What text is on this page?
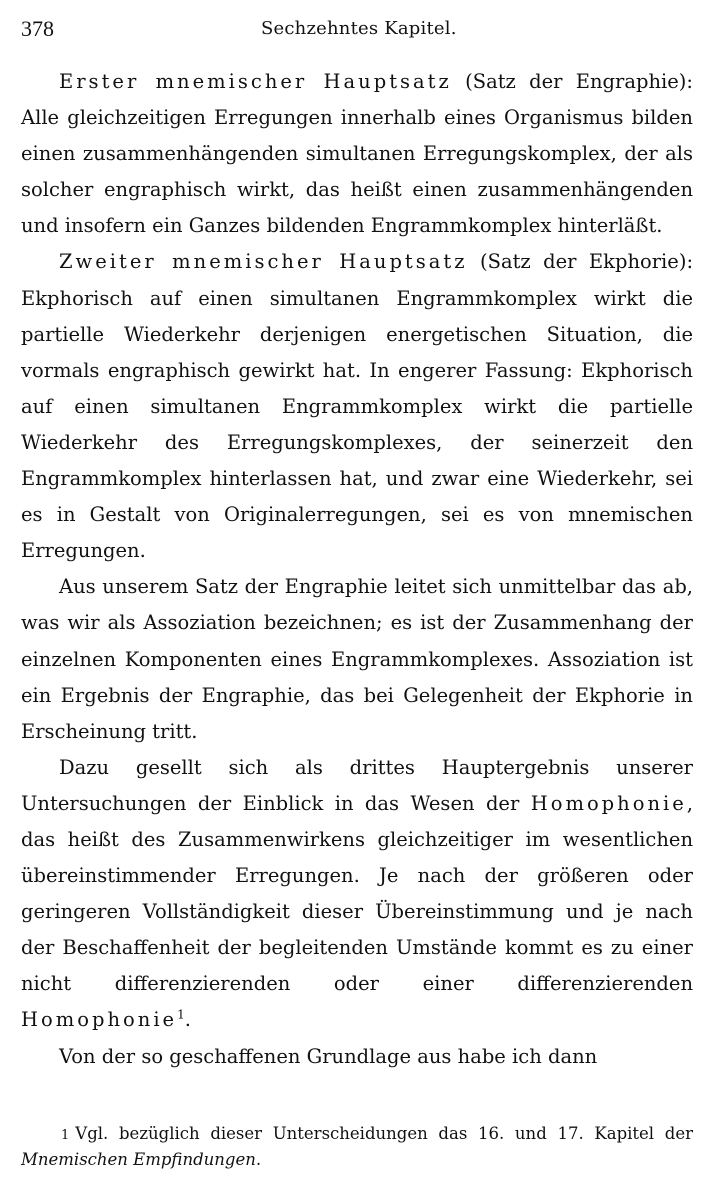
378	Sechzehntes Kapitel.

Erster mnemischer Hauptsatz (Satz der Engraphie): Alle gleichzeitigen Erregungen innerhalb eines Organismus bilden einen zusammenhängenden simultanen Erregungskomplex, der als solcher engraphisch wirkt, das heißt einen zusammenhängenden und insofern ein Ganzes bildenden Engrammkomplex hinterläßt.

Zweiter mnemischer Hauptsatz (Satz der Ekphorie): Ekphorisch auf einen simultanen Engrammkomplex wirkt die partielle Wiederkehr derjenigen energetischen Situation, die vormals engraphisch gewirkt hat. In engerer Fassung: Ekphorisch auf einen simultanen Engrammkomplex wirkt die partielle Wiederkehr des Erregungskomplexes, der seinerzeit den Engrammkomplex hinterlassen hat, und zwar eine Wiederkehr, sei es in Gestalt von Originalerregungen, sei es von mnemischen Erregungen.

Aus unserem Satz der Engraphie leitet sich unmittelbar das ab, was wir als Assoziation bezeichnen; es ist der Zusammenhang der einzelnen Komponenten eines Engrammkomplexes. Assoziation ist ein Ergebnis der Engraphie, das bei Gelegenheit der Ekphorie in Erscheinung tritt.

Dazu gesellt sich als drittes Hauptergebnis unserer Untersuchungen der Einblick in das Wesen der Homophonie, das heißt des Zusammenwirkens gleichzeitiger im wesentlichen übereinstimmender Erregungen. Je nach der größeren oder geringeren Vollständigkeit dieser Übereinstimmung und je nach der Beschaffenheit der begleitenden Umstände kommt es zu einer nicht differenzierenden oder einer differenzierenden Homophonie$^1$.

Von der so geschaffenen Grundlage aus habe ich dann

1 Vgl. bezüglich dieser Unterscheidungen das 16. und 17. Kapitel der Mnemischen Empfindungen.
